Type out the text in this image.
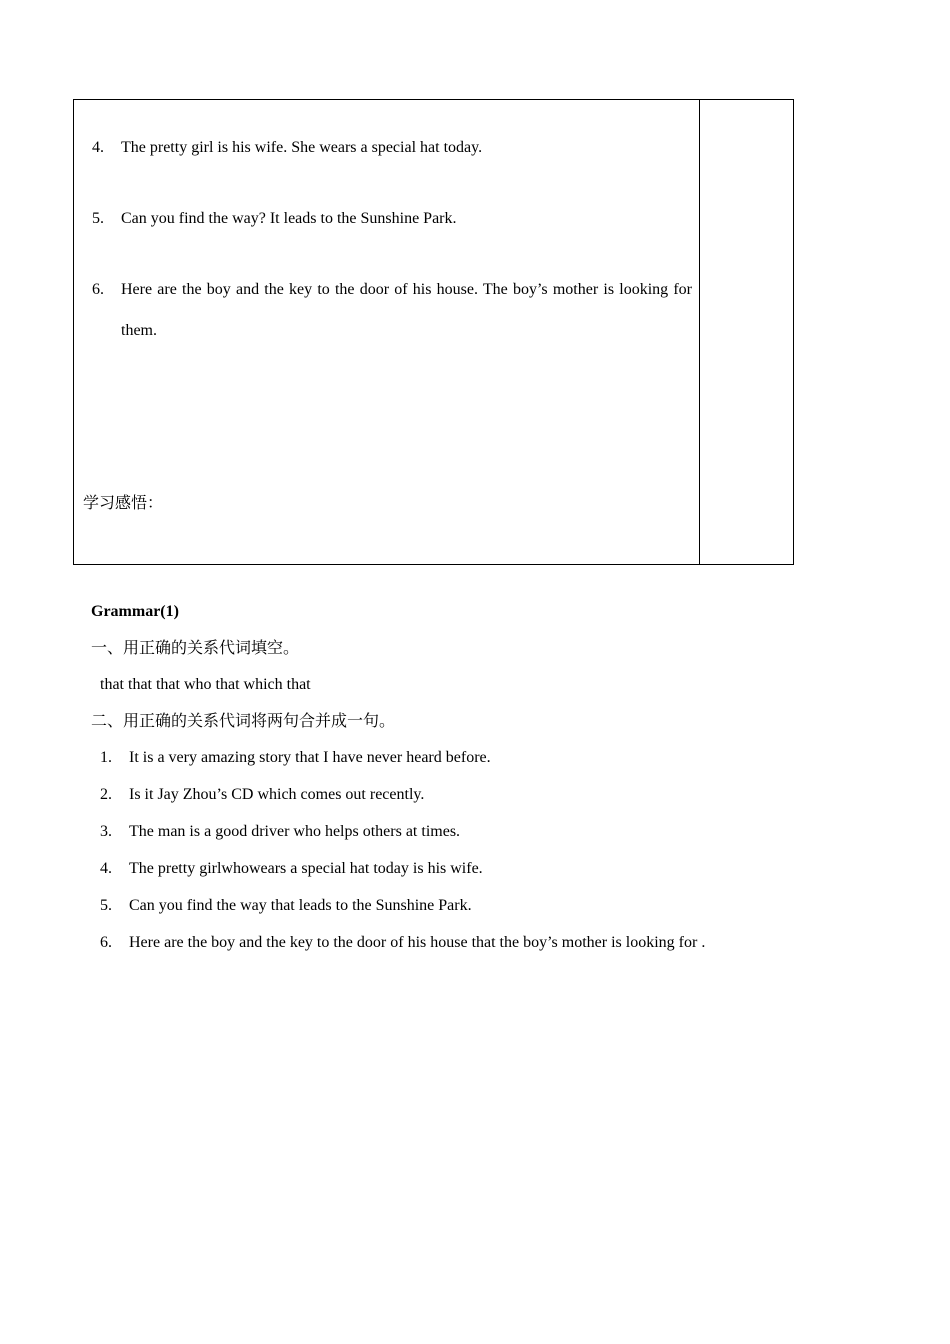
4. The pretty girl is his wife. She wears a special hat today.
5. Can you find the way? It leads to the Sunshine Park.
6. Here are the boy and the key to the door of his house. The boy’s mother is looking for them.
学习感悟：
Grammar(1)
一、用正确的关系代词填空。
that that that who that which that
二、用正确的关系代词将两句合并成一句。
1. It is a very amazing story that I have never heard before.
2. Is it Jay Zhou’s CD which comes out recently.
3. The man is a good driver who helps others at times.
4. The pretty girlwhowears a special hat today is his wife.
5. Can you find the way that leads to the Sunshine Park.
6. Here are the boy and the key to the door of his house that the boy’s mother is looking for .
